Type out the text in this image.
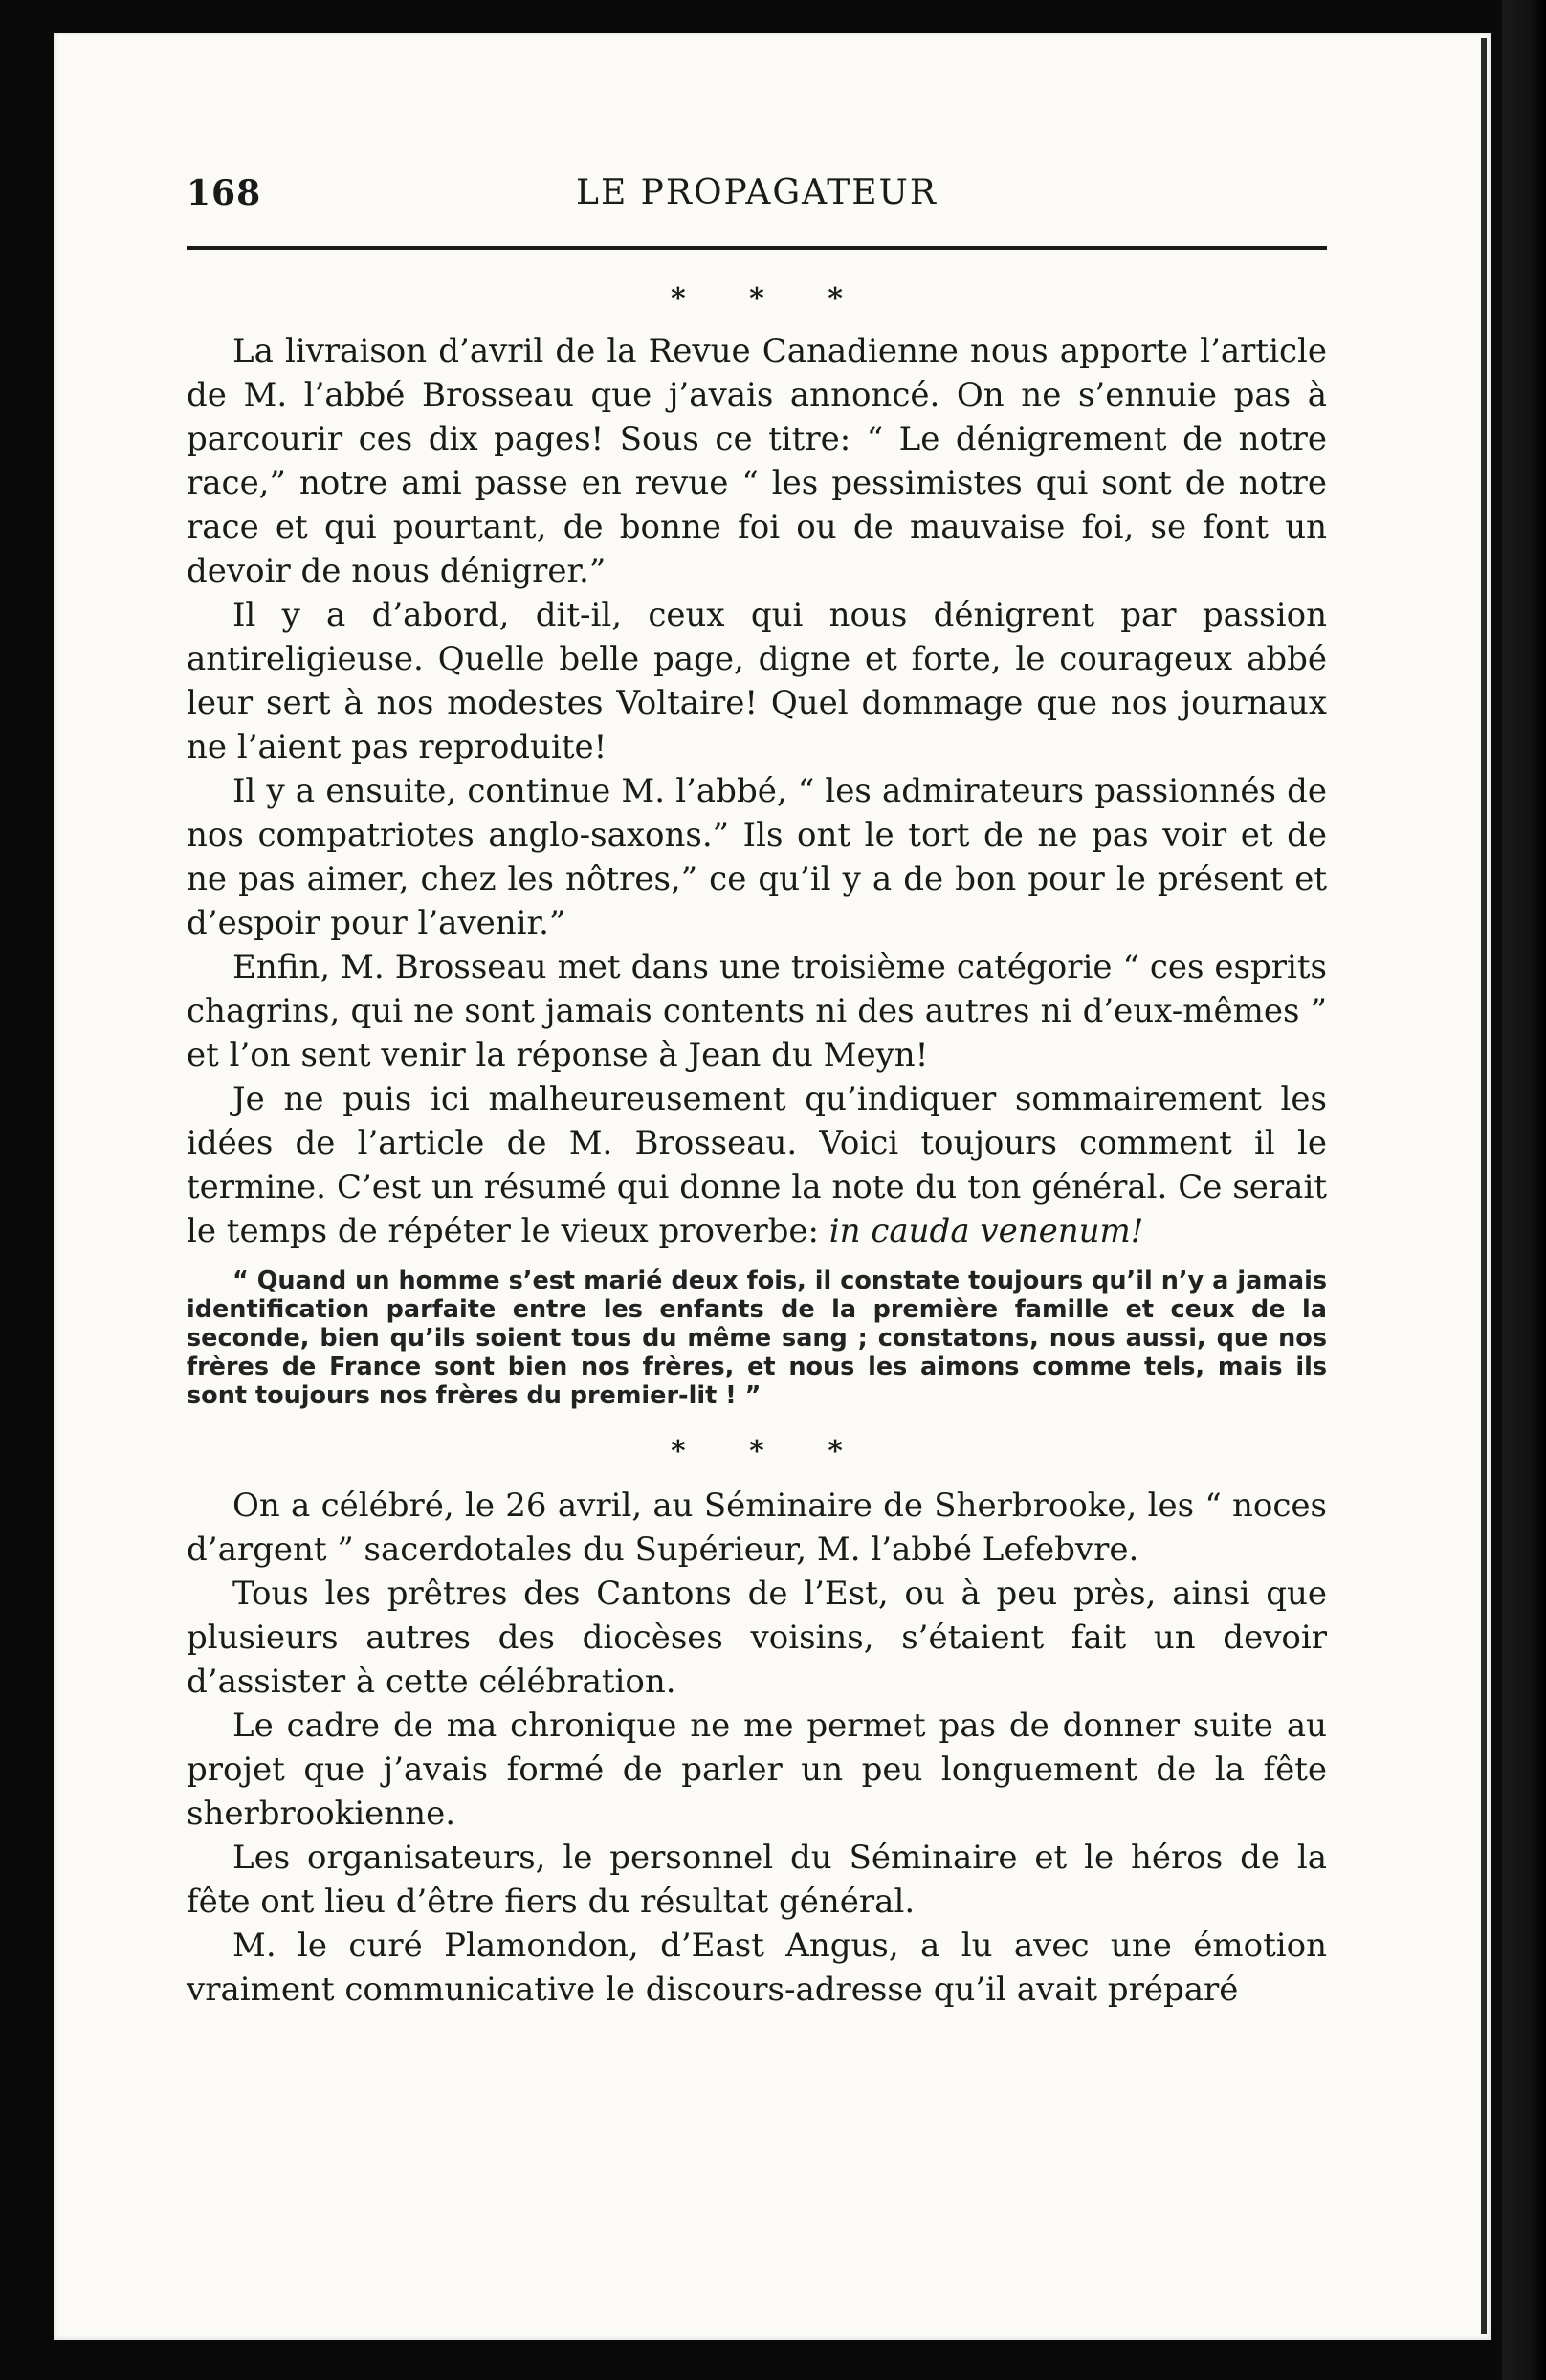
168	LE PROPAGATEUR
* * *

La livraison d’avril de la Revue Canadienne nous apporte l’article de M. l’abbé Brosseau que j’avais annoncé. On ne s’ennuie pas à parcourir ces dix pages! Sous ce titre: “ Le dénigrement de notre race,” notre ami passe en revue “ les pessimistes qui sont de notre race et qui pourtant, de bonne foi ou de mauvaise foi, se font un devoir de nous dénigrer.”

Il y a d’abord, dit-il, ceux qui nous dénigrent par passion antireligieuse. Quelle belle page, digne et forte, le courageux abbé leur sert à nos modestes Voltaire! Quel dommage que nos journaux ne l’aient pas reproduite!

Il y a ensuite, continue M. l’abbé, “ les admirateurs passionnés de nos compatriotes anglo-saxons.” Ils ont le tort de ne pas voir et de ne pas aimer, chez les nôtres,” ce qu’il y a de bon pour le présent et d’espoir pour l’avenir.”

Enfin, M. Brosseau met dans une troisième catégorie “ ces esprits chagrins, qui ne sont jamais contents ni des autres ni d’eux-mêmes ” et l’on sent venir la réponse à Jean du Meyn!

Je ne puis ici malheureusement qu’indiquer sommairement les idées de l’article de M. Brosseau. Voici toujours comment il le termine. C’est un résumé qui donne la note du ton général. Ce serait le temps de répéter le vieux proverbe: in cauda venenum!

“ Quand un homme s’est marié deux fois, il constate toujours qu’il n’y a jamais identification parfaite entre les enfants de la première famille et ceux de la seconde, bien qu’ils soient tous du même sang ; constatons, nous aussi, que nos frères de France sont bien nos frères, et nous les aimons comme tels, mais ils sont toujours nos frères du premier-lit ! ”

* * *

On a célébré, le 26 avril, au Séminaire de Sherbrooke, les “ noces d’argent ” sacerdotales du Supérieur, M. l’abbé Lefebvre.

Tous les prêtres des Cantons de l’Est, ou à peu près, ainsi que plusieurs autres des diocèses voisins, s’étaient fait un devoir d’assister à cette célébration.

Le cadre de ma chronique ne me permet pas de donner suite au projet que j’avais formé de parler un peu longuement de la fête sherbrookienne.

Les organisateurs, le personnel du Séminaire et le héros de la fête ont lieu d’être fiers du résultat général.

M. le curé Plamondon, d’East Angus, a lu avec une émotion vraiment communicative le discours-adresse qu’il avait préparé
